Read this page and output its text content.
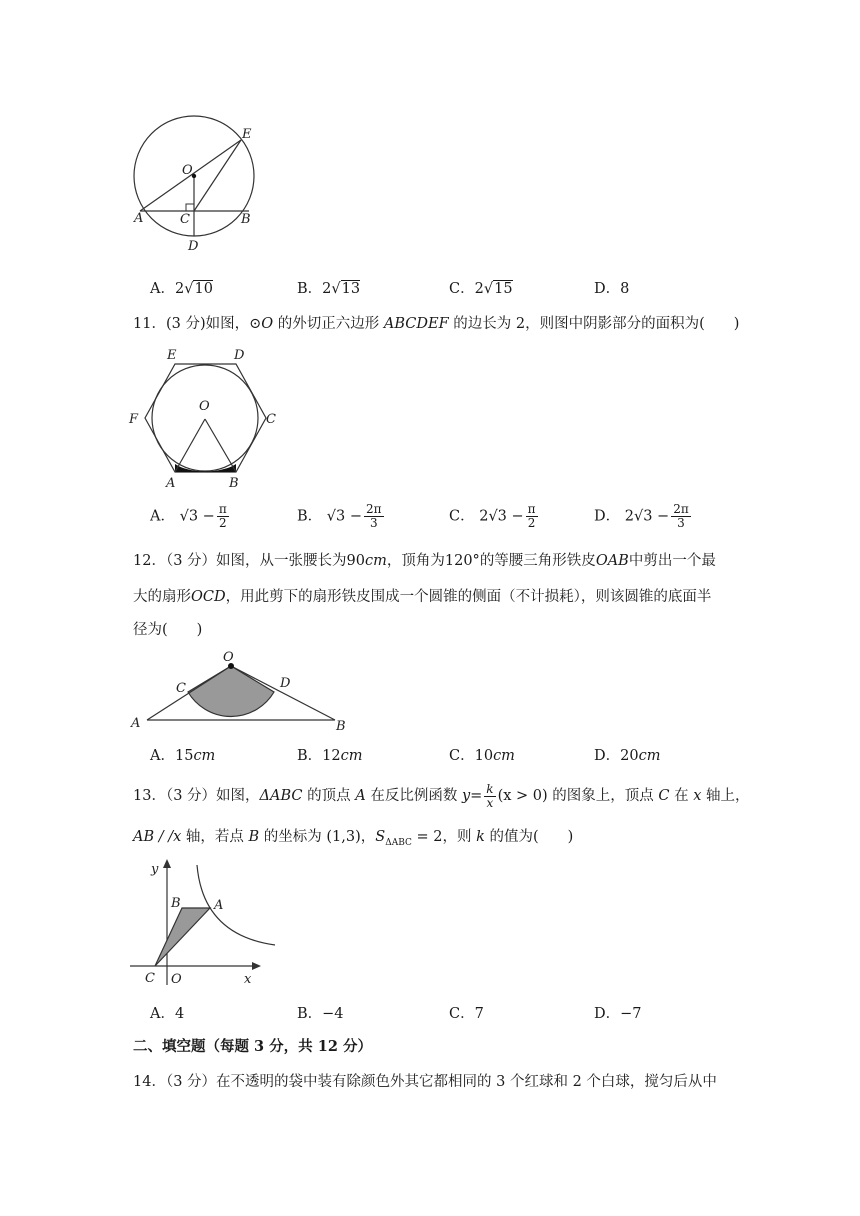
O
E
A	C	B
D
A．2√10	B．2√13	C．2√15	D．8
11．(3 分)如图，⊙O 的外切正六边形 ABCDEF 的边长为 2，则图中阴影部分的面积为(　　)
E	D
F	C
O
A	B
A． $√3 - \frac{\pi}{2}$	B． $√3 - \frac{2\pi}{3}$	C． $2√3 - \frac{\pi}{2}$	D． $2√3 - \frac{2\pi}{3}$
12．（3 分）如图，从一张腰长为90cm，顶角为120°的等腰三角形铁皮OAB中剪出一个最
大的扇形OCD，用此剪下的扇形铁皮围成一个圆锥的侧面（不计损耗），则该圆锥的底面半
径为(　　)
O
C	D
A	B
A．15cm	B．12cm	C．10cm	D．20cm
13．（3 分）如图，ΔABC 的顶点 A 在反比例函数 $y= \frac{k}{x} (x > 0)$ 的图象上，顶点 C 在 x 轴上，
AB / /x 轴，若点 B 的坐标为 (1,3)，$S_{\Delta ABC} = 2$，则 k 的值为(　　)
y
B	A
C O	x
A．4	B．−4	C．7	D．−7
二、填空题（每题 3 分，共 12 分）
14．（3 分）在不透明的袋中装有除颜色外其它都相同的 3 个红球和 2 个白球，搅匀后从中
